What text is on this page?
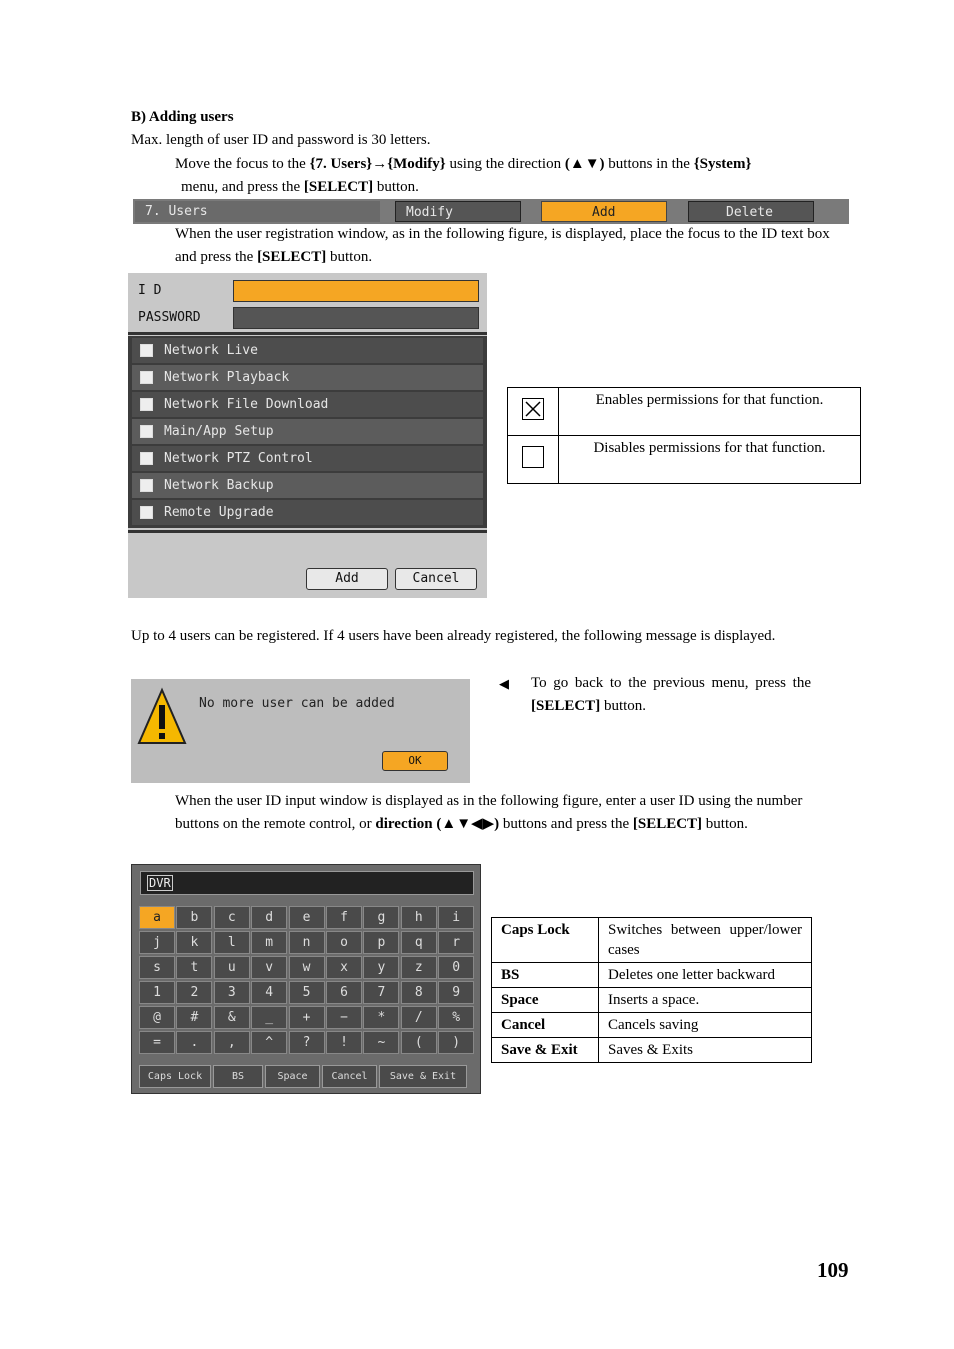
B) Adding users
Max. length of user ID and password is 30 letters.
Move the focus to the {7. Users}→{Modify} using the direction (▲▼) buttons in the {System}
menu, and press the [SELECT] button.
7. Users	Modify	Add	Delete
When the user registration window, as in the following figure, is displayed, place the focus to the ID text box and press the [SELECT] button.
I D
PASSWORD
Network Live
Network Playback
Network File Download
Main/App Setup
Network PTZ Control
Network Backup
Remote Upgrade
Add	Cancel
	Enables permissions for that function.
	Disables permissions for that function.
Up to 4 users can be registered. If 4 users have been already registered, the following message is displayed.
No more user can be added
OK
◀ To go back to the previous menu, press the [SELECT] button.
When the user ID input window is displayed as in the following figure, enter a user ID using the number buttons on the remote control, or direction (▲▼◀▶) buttons and press the [SELECT] button.
DVR
a	b	c	d	e	f	g	h	i
j	k	l	m	n	o	p	q	r
s	t	u	v	w	x	y	z	0
1	2	3	4	5	6	7	8	9
@	#	&	_	+	−	*	/	%
=	.	,	^	?	!	~	(	)
Caps Lock	BS	Space	Cancel	Save & Exit
Caps Lock	Switches between upper/lower cases
BS	Deletes one letter backward
Space	Inserts a space.
Cancel	Cancels saving
Save & Exit	Saves & Exits
109
